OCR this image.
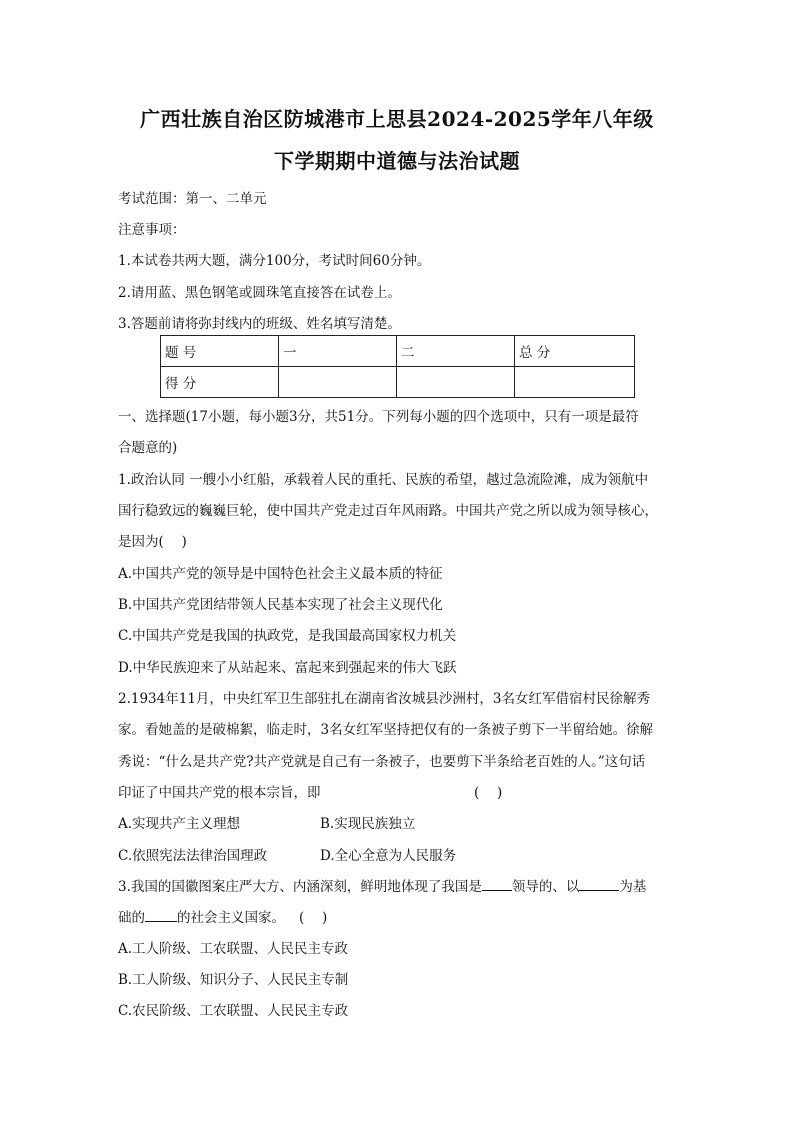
广西壮族自治区防城港市上思县2024-2025学年八年级
下学期期中道德与法治试题
考试范围：第一、二单元
注意事项：
1.本试卷共两大题，满分100分，考试时间60分钟。
2.请用蓝、黑色钢笔或圆珠笔直接答在试卷上。
3.答题前请将弥封线内的班级、姓名填写清楚。
题 号	一	二	总 分
得 分			
一、选择题(17小题，每小题3分，共51分。下列每小题的四个选项中，只有一项是最符
合题意的)
1.政治认同 一艘小小红船，承载着人民的重托、民族的希望，越过急流险滩，成为领航中
国行稳致远的巍巍巨轮，使中国共产党走过百年风雨路。中国共产党之所以成为领导核心，
是因为(　 )
A.中国共产党的领导是中国特色社会主义最本质的特征
B.中国共产党团结带领人民基本实现了社会主义现代化
C.中国共产党是我国的执政党，是我国最高国家权力机关
D.中华民族迎来了从站起来、富起来到强起来的伟大飞跃
2.1934年11月，中央红军卫生部驻扎在湖南省汝城县沙洲村，3名女红军借宿村民徐解秀
家。看她盖的是破棉絮，临走时，3名女红军坚持把仅有的一条被子剪下一半留给她。徐解
秀说：“什么是共产党?共产党就是自己有一条被子，也要剪下半条给老百姓的人。”这句话
印证了中国共产党的根本宗旨，即	(　 )
A.实现共产主义理想	B.实现民族独立
C.依照宪法法律治国理政	D.全心全意为人民服务
3.我国的国徽图案庄严大方、内涵深刻，鲜明地体现了我国是 领导的、以	为基
础的 的社会主义国家。 (　 )
A.工人阶级、工农联盟、人民民主专政
B.工人阶级、知识分子、人民民主专制
C.农民阶级、工农联盟、人民民主专政
